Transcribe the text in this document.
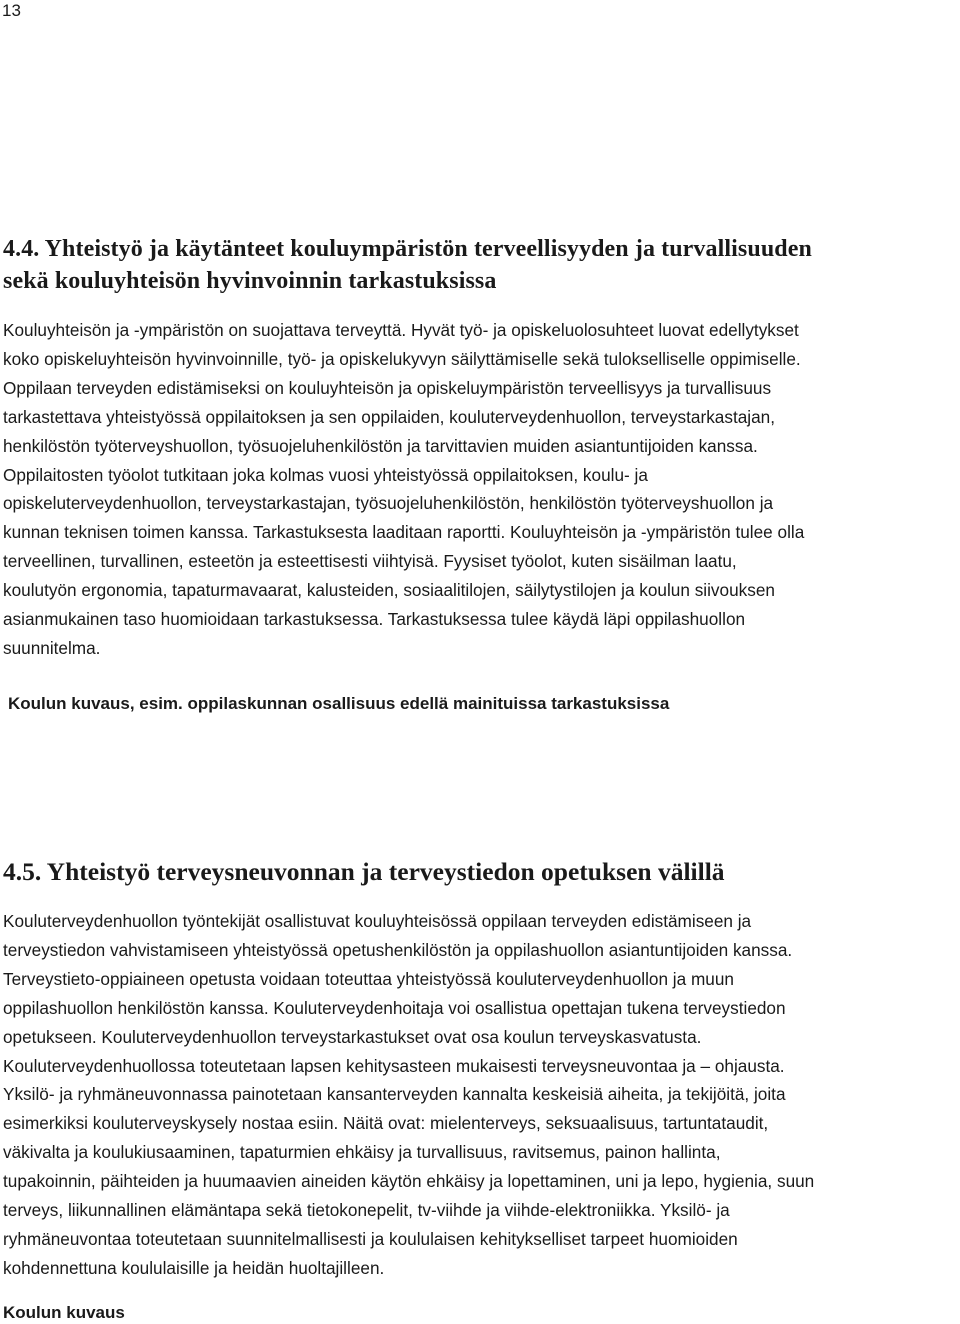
13
4.4. Yhteistyö ja käytänteet kouluympäristön terveellisyyden ja turvallisuuden
sekä kouluyhteisön hyvinvoinnin tarkastuksissa

Kouluyhteisön ja -ympäristön on suojattava terveyttä. Hyvät työ- ja opiskeluolosuhteet luovat edellytykset
koko opiskeluyhteisön hyvinvoinnille, työ- ja opiskelukyvyn säilyttämiselle sekä tulokselliselle oppimiselle.
Oppilaan terveyden edistämiseksi on kouluyhteisön ja opiskeluympäristön terveellisyys ja turvallisuus
tarkastettava yhteistyössä oppilaitoksen ja sen oppilaiden, kouluterveydenhuollon, terveystarkastajan,
henkilöstön työterveyshuollon, työsuojeluhenkilöstön ja tarvittavien muiden asiantuntijoiden kanssa.
Oppilaitosten työolot tutkitaan joka kolmas vuosi yhteistyössä oppilaitoksen, koulu- ja
opiskeluterveydenhuollon, terveystarkastajan, työsuojeluhenkilöstön, henkilöstön työterveyshuollon ja
kunnan teknisen toimen kanssa. Tarkastuksesta laaditaan raportti. Kouluyhteisön ja -ympäristön tulee olla
terveellinen, turvallinen, esteetön ja esteettisesti viihtyisä. Fyysiset työolot, kuten sisäilman laatu,
koulutyön ergonomia, tapaturmavaarat, kalusteiden, sosiaalitilojen, säilytystilojen ja koulun siivouksen
asianmukainen taso huomioidaan tarkastuksessa. Tarkastuksessa tulee käydä läpi oppilashuollon
suunnitelma.

Koulun kuvaus, esim. oppilaskunnan osallisuus edellä mainituissa tarkastuksissa

4.5. Yhteistyö terveysneuvonnan ja terveystiedon opetuksen välillä

Kouluterveydenhuollon työntekijät osallistuvat kouluyhteisössä oppilaan terveyden edistämiseen ja
terveystiedon vahvistamiseen yhteistyössä opetushenkilöstön ja oppilashuollon asiantuntijoiden kanssa.
Terveystieto-oppiaineen opetusta voidaan toteuttaa yhteistyössä kouluterveydenhuollon ja muun
oppilashuollon henkilöstön kanssa. Kouluterveydenhoitaja voi osallistua opettajan tukena terveystiedon
opetukseen. Kouluterveydenhuollon terveystarkastukset ovat osa koulun terveyskasvatusta.
Kouluterveydenhuollossa toteutetaan lapsen kehitysasteen mukaisesti terveysneuvontaa ja – ohjausta.
Yksilö- ja ryhmäneuvonnassa painotetaan kansanterveyden kannalta keskeisiä aiheita, ja tekijöitä, joita
esimerkiksi kouluterveyskysely nostaa esiin. Näitä ovat: mielenterveys, seksuaalisuus, tartuntataudit,
väkivalta ja koulukiusaaminen, tapaturmien ehkäisy ja turvallisuus, ravitsemus, painon hallinta,
tupakoinnin, päihteiden ja huumaavien aineiden käytön ehkäisy ja lopettaminen, uni ja lepo, hygienia, suun
terveys, liikunnallinen elämäntapa sekä tietokonepelit, tv-viihde ja viihde-elektroniikka. Yksilö- ja
ryhmäneuvontaa toteutetaan suunnitelmallisesti ja koululaisen kehitykselliset tarpeet huomioiden
kohdennettuna koululaisille ja heidän huoltajilleen.

Koulun kuvaus
